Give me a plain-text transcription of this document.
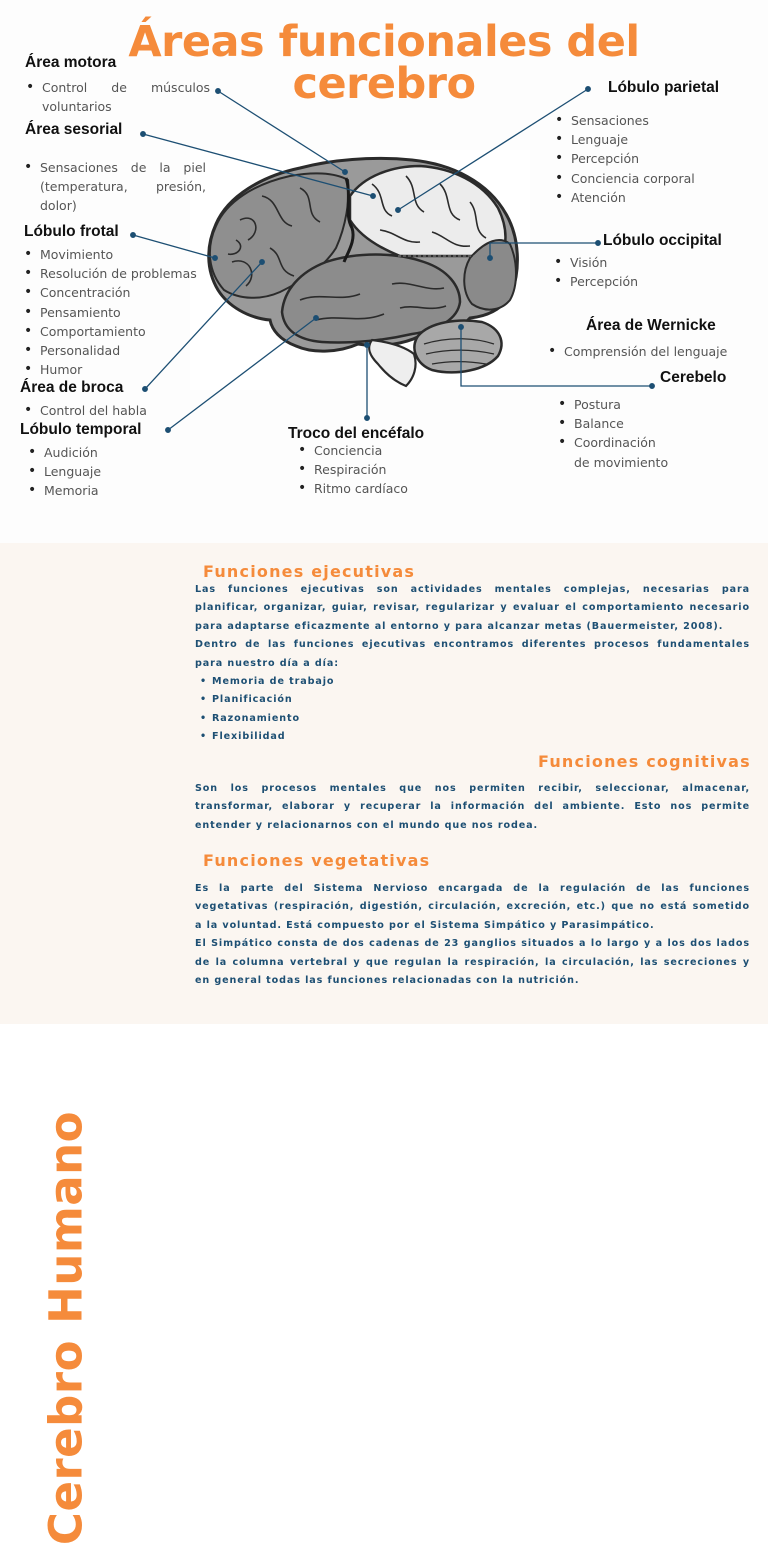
Áreas funcionales del
cerebro
Área motora
• Control de músculos voluntarios
Área sesorial
• Sensaciones de la piel (temperatura, presión, dolor)
Lóbulo frotal
• Movimiento
• Resolución de problemas
• Concentración
• Pensamiento
• Comportamiento
• Personalidad
• Humor
Área de broca
• Control del habla
Lóbulo temporal
• Audición
• Lenguaje
• Memoria
Troco del encéfalo
• Conciencia
• Respiración
• Ritmo cardíaco
Lóbulo parietal
• Sensaciones
• Lenguaje
• Percepción
• Conciencia corporal
• Atención
Lóbulo occipital
• Visión
• Percepción
Área de Wernicke
• Comprensión del lenguaje
Cerebelo
• Postura
• Balance
• Coordinación
de movimiento
Cerebro Humano
Funciones ejecutivas

Las funciones ejecutivas son actividades mentales complejas, necesarias para planificar, organizar, guiar, revisar, regularizar y evaluar el comportamiento necesario para adaptarse eficazmente al entorno y para alcanzar metas (Bauermeister, 2008).

Dentro de las funciones ejecutivas encontramos diferentes procesos fundamentales para nuestro día a día:

• Memoria de trabajo
• Planificación
• Razonamiento
• Flexibilidad
Funciones cognitivas

Son los procesos mentales que nos permiten recibir, seleccionar, almacenar, transformar, elaborar y recuperar la información del ambiente. Esto nos permite entender y relacionarnos con el mundo que nos rodea.

Funciones vegetativas

Es la parte del Sistema Nervioso encargada de la regulación de las funciones vegetativas (respiración, digestión, circulación, excreción, etc.) que no está sometido a la voluntad. Está compuesto por el Sistema Simpático y Parasimpático.

El Simpático consta de dos cadenas de 23 ganglios situados a lo largo y a los dos lados de la columna vertebral y que regulan la respiración, la circulación, las secreciones y en general todas las funciones relacionadas con la nutrición.
